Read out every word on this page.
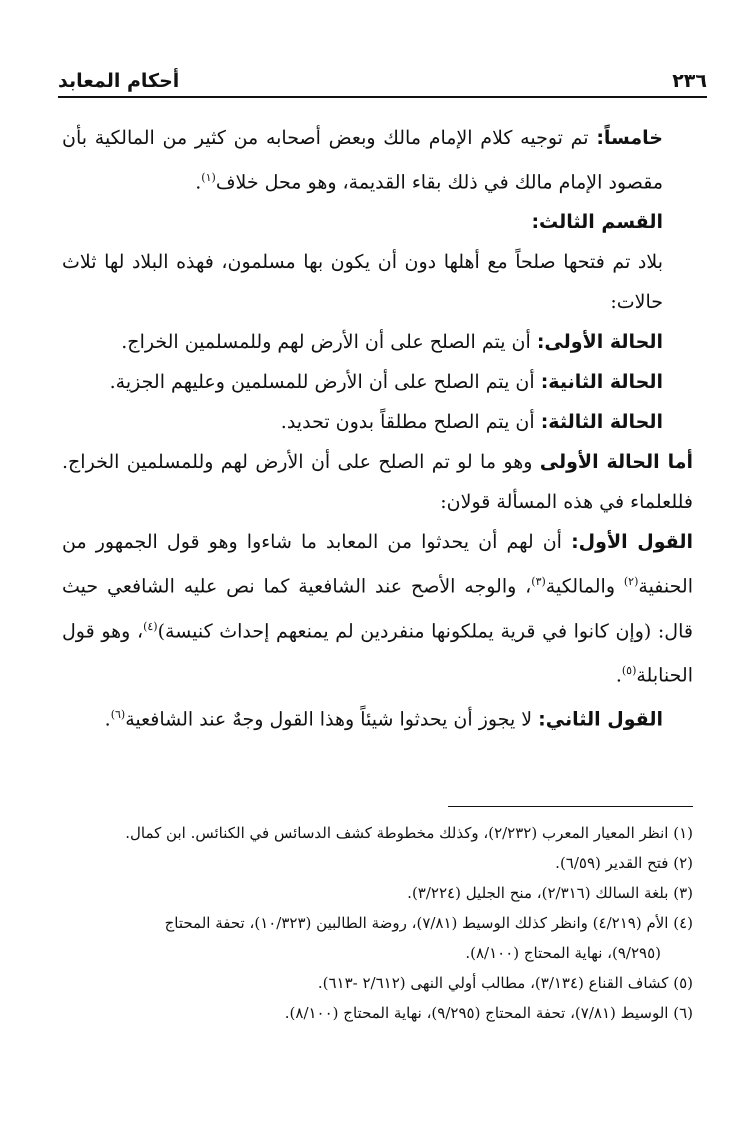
٢٣٦
أحكام المعابد

خامساً: تم توجيه كلام الإمام مالك وبعض أصحابه من كثير من المالكية بأن مقصود الإمام مالك في ذلك بقاء القديمة، وهو محل خلاف$^{(١)}$.

القسم الثالث:

بلاد تم فتحها صلحاً مع أهلها دون أن يكون بها مسلمون، فهذه البلاد لها ثلاث حالات:

الحالة الأولى: أن يتم الصلح على أن الأرض لهم وللمسلمين الخراج.

الحالة الثانية: أن يتم الصلح على أن الأرض للمسلمين وعليهم الجزية.

الحالة الثالثة: أن يتم الصلح مطلقاً بدون تحديد.

أما الحالة الأولى وهو ما لو تم الصلح على أن الأرض لهم وللمسلمين الخراج. فللعلماء في هذه المسألة قولان:

القول الأول: أن لهم أن يحدثوا من المعابد ما شاءوا وهو قول الجمهور من الحنفية$^{(٢)}$ والمالكية$^{(٣)}$، والوجه الأصح عند الشافعية كما نص عليه الشافعي حيث قال: (وإن كانوا في قرية يملكونها منفردين لم يمنعهم إحداث كنيسة)$^{(٤)}$، وهو قول الحنابلة$^{(٥)}$.

القول الثاني: لا يجوز أن يحدثوا شيئاً وهذا القول وجهٌ عند الشافعية$^{(٦)}$.

(١) انظر المعيار المعرب (٢/٢٣٢)، وكذلك مخطوطة كشف الدسائس في الكنائس. ابن كمال.

(٢) فتح القدير (٦/٥٩).

(٣) بلغة السالك (٢/٣١٦)، منح الجليل (٣/٢٢٤).

(٤) الأم (٤/٢١٩) وانظر كذلك الوسيط (٧/٨١)، روضة الطالبين (١٠/٣٢٣)، تحفة المحتاج

(٩/٢٩٥)، نهاية المحتاج (٨/١٠٠).

(٥) كشاف القناع (٣/١٣٤)، مطالب أولي النهى (٢/٦١٢ -٦١٣).

(٦) الوسيط (٧/٨١)، تحفة المحتاج (٩/٢٩٥)، نهاية المحتاج (٨/١٠٠).
